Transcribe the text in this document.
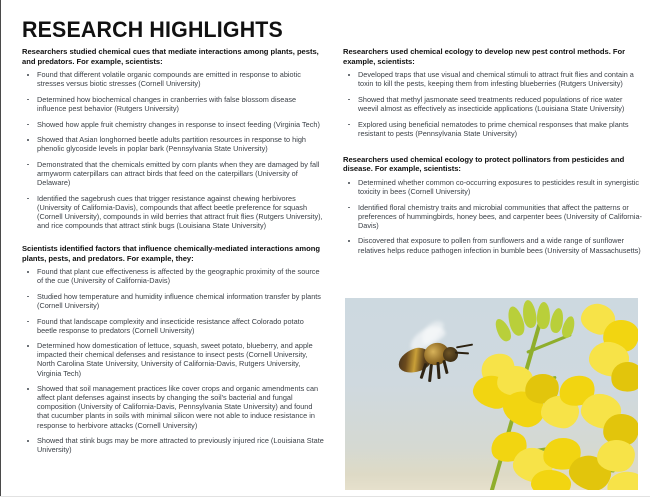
RESEARCH HIGHLIGHTS
Researchers studied chemical cues that mediate interactions among plants, pests, and predators. For example, scientists:
Found that different volatile organic compounds are emitted in response to abiotic stresses versus biotic stresses (Cornell University)
Determined how biochemical changes in cranberries with false blossom disease influence pest behavior (Rutgers University)
Showed how apple fruit chemistry changes in response to insect feeding (Virginia Tech)
Showed that Asian longhorned beetle adults partition resources in response to high phenolic glycoside levels in poplar bark (Pennsylvania State University)
Demonstrated that the chemicals emitted by corn plants when they are damaged by fall armyworm caterpillars can attract birds that feed on the caterpillars (University of Delaware)
Identified the sagebrush cues that trigger resistance against chewing herbivores (University of California-Davis), compounds that affect beetle preference for squash (Cornell University), compounds in wild berries that attract fruit flies (Rutgers University), and rice compounds that attract stink bugs (Louisiana State University)
Scientists identified factors that influence chemically-mediated interactions among plants, pests, and predators. For example, they:
Found that plant cue effectiveness is affected by the geographic proximity of the source of the cue (University of California-Davis)
Studied how temperature and humidity influence chemical information transfer by plants (Cornell University)
Found that landscape complexity and insecticide resistance affect Colorado potato beetle response to predators (Cornell University)
Determined how domestication of lettuce, squash, sweet potato, blueberry, and apple impacted their chemical defenses and resistance to insect pests (Cornell University, North Carolina State University, University of California-Davis, Rutgers University, Virginia Tech)
Showed that soil management practices like cover crops and organic amendments can affect plant defenses against insects by changing the soil's bacterial and fungal composition (University of California-Davis, Pennsylvania State University) and found that cucumber plants in soils with minimal silicon were not able to induce resistance in response to herbivore attacks (Cornell University)
Showed that stink bugs may be more attracted to previously injured rice (Louisiana State University)
Researchers used chemical ecology to develop new pest control methods. For example, scientists:
Developed traps that use visual and chemical stimuli to attract fruit flies and contain a toxin to kill the pests, keeping them from infesting blueberries (Rutgers University)
Showed that methyl jasmonate seed treatments reduced populations of rice water weevil almost as effectively as insecticide applications (Louisiana State University)
Explored using beneficial nematodes to prime chemical responses that make plants resistant to pests (Pennsylvania State University)
Researchers used chemical ecology to protect pollinators from pesticides and disease. For example, scientists:
Determined whether common co-occurring exposures to pesticides result in synergistic toxicity in bees (Cornell University)
Identified floral chemistry traits and microbial communities that affect the patterns or preferences of hummingbirds, honey bees, and carpenter bees (University of California-Davis)
Discovered that exposure to pollen from sunflowers and a wide range of sunflower relatives helps reduce pathogen infection in bumble bees (University of Massachusetts)
